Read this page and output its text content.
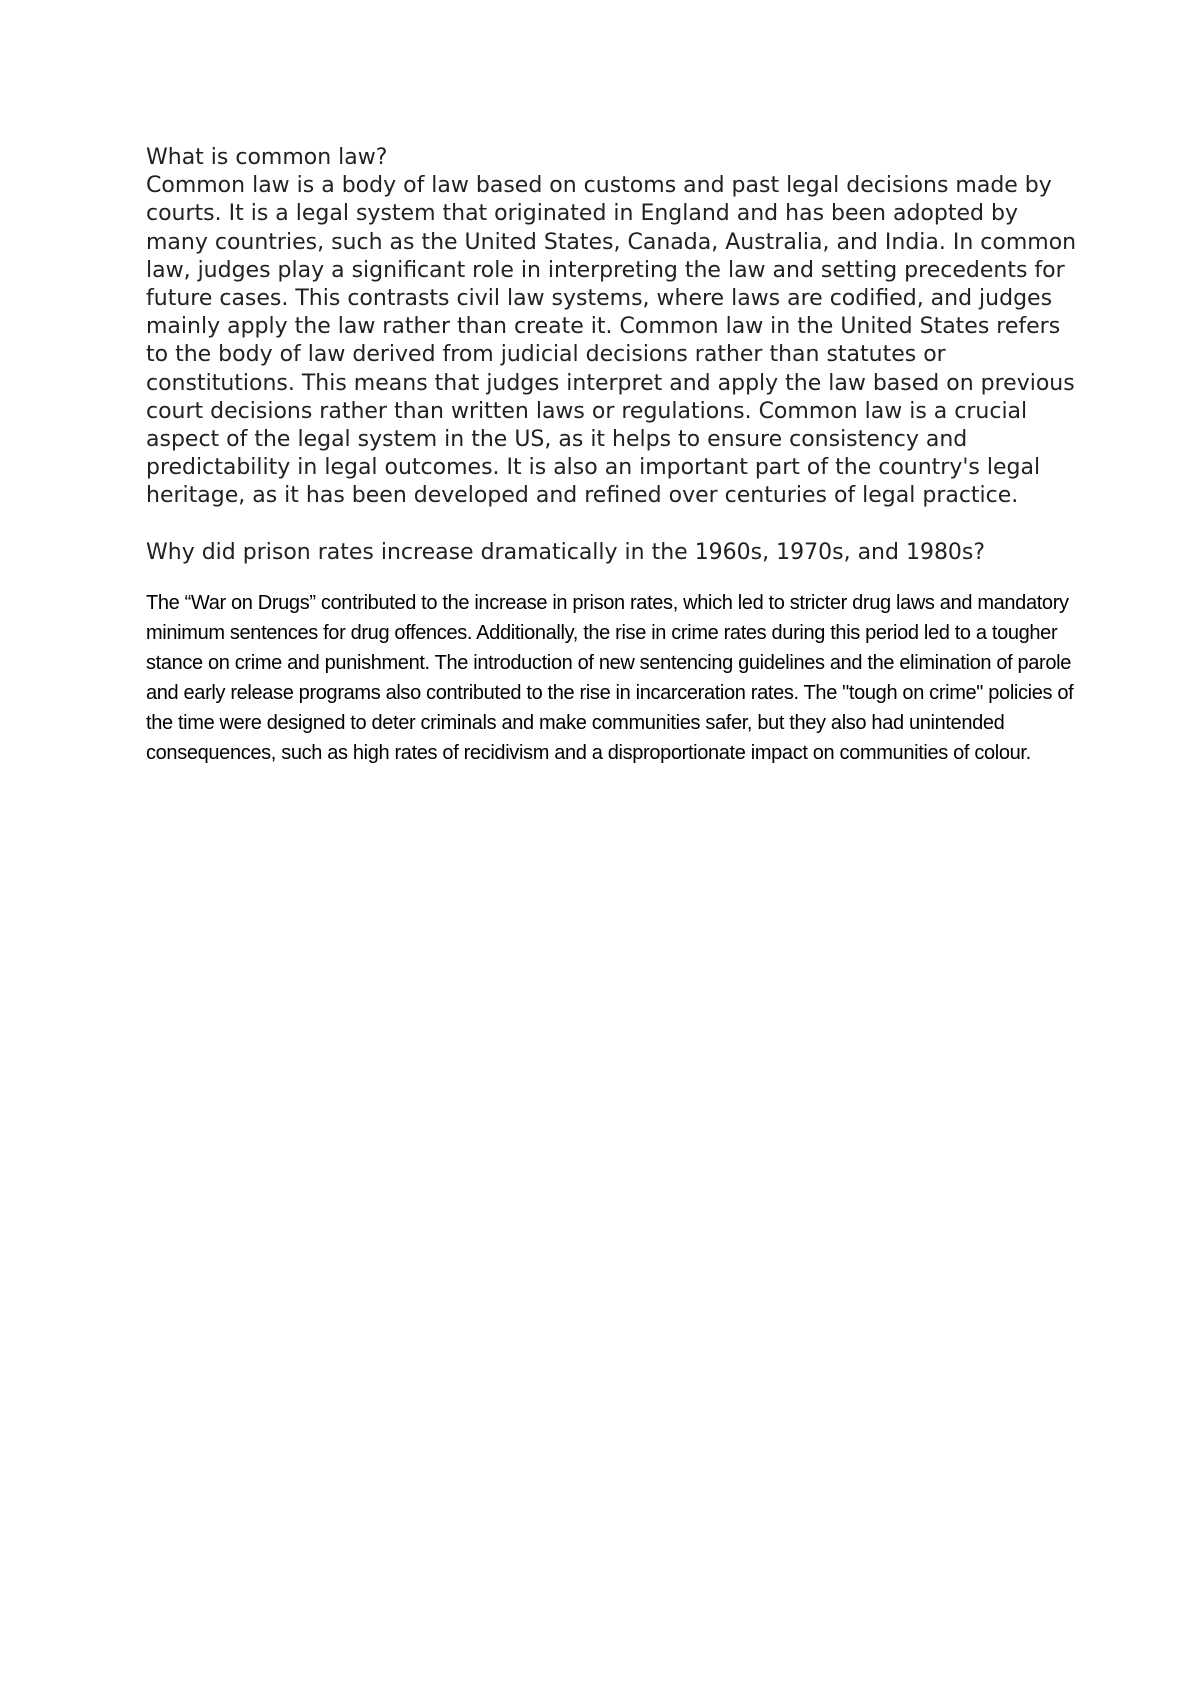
What is common law?

Common law is a body of law based on customs and past legal decisions made by courts. It is a legal system that originated in England and has been adopted by many countries, such as the United States, Canada, Australia, and India. In common law, judges play a significant role in interpreting the law and setting precedents for future cases. This contrasts civil law systems, where laws are codified, and judges mainly apply the law rather than create it. Common law in the United States refers to the body of law derived from judicial decisions rather than statutes or constitutions. This means that judges interpret and apply the law based on previous court decisions rather than written laws or regulations. Common law is a crucial aspect of the legal system in the US, as it helps to ensure consistency and predictability in legal outcomes. It is also an important part of the country's legal heritage, as it has been developed and refined over centuries of legal practice.

Why did prison rates increase dramatically in the 1960s, 1970s, and 1980s?

The “War on Drugs” contributed to the increase in prison rates, which led to stricter drug laws and mandatory minimum sentences for drug offences. Additionally, the rise in crime rates during this period led to a tougher stance on crime and punishment. The introduction of new sentencing guidelines and the elimination of parole and early release programs also contributed to the rise in incarceration rates. The "tough on crime" policies of the time were designed to deter criminals and make communities safer, but they also had unintended consequences, such as high rates of recidivism and a disproportionate impact on communities of colour.
